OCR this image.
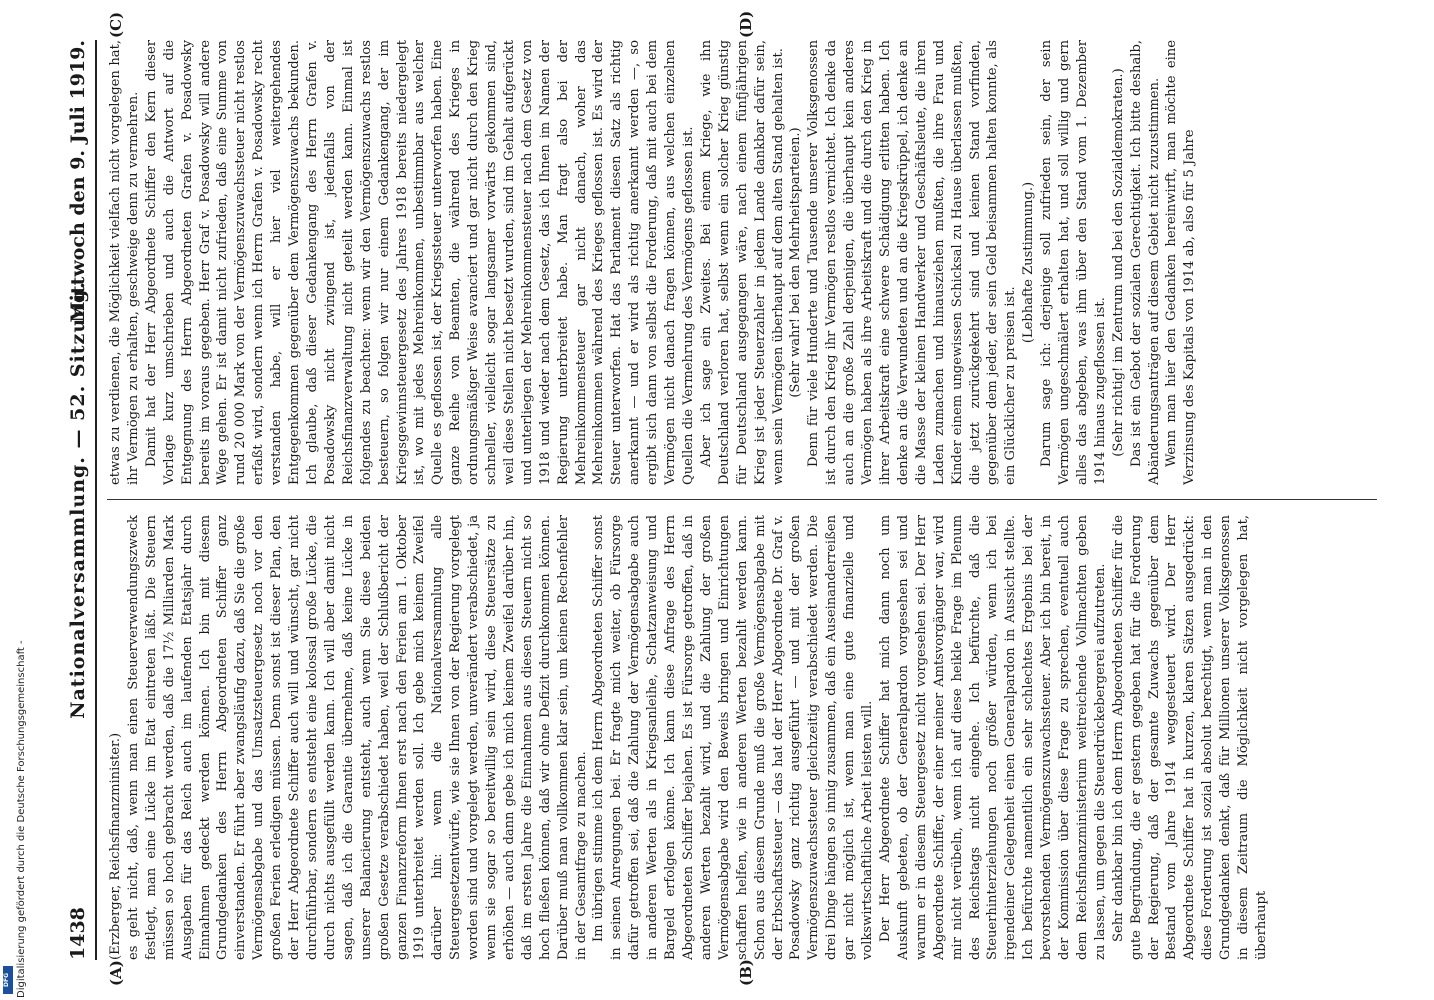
1438
Nationalversammlung. — 52. Sitzung.
Mittwoch den 9. Juli 1919.

(Erzberger, Reichsfinanzminister.) es geht nicht, daß, wenn man einen Steuerverwendungszweck festlegt, man eine Lücke im Etat eintreten läßt. Die Steuern müssen so hoch gebracht werden, daß die 17½ Milliarden Mark Ausgaben für das Reich auch im laufenden Etatsjahr durch Einnahmen gedeckt werden können. Ich bin mit diesem Grundgedanken des Herrn Abgeordneten Schiffer ganz einverstanden. Er führt aber zwangsläufig dazu, daß Sie die große Vermögensabgabe und das Umsatzsteuergesetz noch vor den großen Ferien erledigen müssen. Denn sonst ist dieser Plan, den der Herr Abgeordnete Schiffer auch will und wünscht, gar nicht durchführbar, sondern es entsteht eine kolossal große Lücke, die durch nichts ausgefüllt werden kann. Ich will aber damit nicht sagen, daß ich die Garantie übernehme, daß keine Lücke in unserer Balancierung entsteht, auch wenn Sie diese beiden großen Gesetze verabschiedet haben, weil der Schlußbericht der ganzen Finanzreform Ihnen erst nach den Ferien am 1. Oktober 1919 unterbreitet werden soll. Ich gebe mich keinem Zweifel darüber hin: wenn die Nationalversammlung alle Steuergesetzentwürfe, wie sie Ihnen von der Regierung vorgelegt worden sind und vorgelegt werden, unverändert verabschiedet, ja wenn sie sogar so bereitwillig sein wird, diese Steuersätze zu erhöhen — auch dann gebe ich mich keinem Zweifel darüber hin, daß im ersten Jahre die Einnahmen aus diesen Steuern nicht so hoch fließen können, daß wir ohne Defizit durchkommen können. Darüber muß man vollkommen klar sein, um keinen Rechenfehler in der Gesamtfrage zu machen. Im übrigen stimme ich dem Herrn Abgeordneten Schiffer sonst in seinen Anregungen bei. Er fragte mich weiter, ob Fürsorge dafür getroffen sei, daß die Zahlung der Vermögensabgabe auch in anderen Werten als in Kriegsanleihe, Schatzanweisung und Bargeld erfolgen könne. Ich kann diese Anfrage des Herrn Abgeordneten Schiffer bejahen. Es ist Fürsorge getroffen, daß in anderen Werten bezahlt wird, und die Zahlung der großen Vermögensabgabe wird den Beweis bringen und Einrichtungen schaffen helfen, wie in anderen Werten bezahlt werden kann. Schon aus diesem Grunde muß die große Vermögensabgabe mit der Erbschaftssteuer — das hat der Herr Abgeordnete Dr. Graf v. Posadowsky ganz richtig ausgeführt — und mit der großen Vermögenszuwachssteuer gleichzeitig verabschiedet werden. Die drei Dinge hängen so innig zusammen, daß ein Auseinanderreißen gar nicht möglich ist, wenn man eine gute finanzielle und volkswirtschaftliche Arbeit leisten will. Der Herr Abgeordnete Schiffer hat mich dann noch um Auskunft gebeten, ob der Generalpardon vorgesehen sei und warum er in diesem Steuergesetz nicht vorgesehen sei. Der Herr Abgeordnete Schiffer, der einer meiner Amtsvorgänger war, wird mir nicht verübeln, wenn ich auf diese heikle Frage im Plenum des Reichstags nicht eingehe. Ich befürchte, daß die Steuerhinterziehungen noch größer würden, wenn ich bei irgendeiner Gelegenheit einen Generalpardon in Aussicht stellte. Ich befürchte namentlich ein sehr schlechtes Ergebnis bei der bevorstehenden Vermögenszuwachssteuer. Aber ich bin bereit, in der Kommission über diese Frage zu sprechen, eventuell auch dem Reichsfinanzministerium weitreichende Vollmachten geben zu lassen, um gegen die Steuerdrückebergerei aufzutreten. Sehr dankbar bin ich dem Herrn Abgeordneten Schiffer für die gute Begründung, die er gestern gegeben hat für die Forderung der Regierung, daß der gesamte Zuwachs gegenüber dem Bestand vom Jahre 1914 weggesteuert wird. Der Herr Abgeordnete Schiffer hat in kurzen, klaren Sätzen ausgedrückt: diese Forderung ist sozial absolut berechtigt, wenn man in den Grundgedanken denkt, daß für Millionen unserer Volksgenossen in diesem Zeitraum die Möglichkeit nicht vorgelegen hat, überhaupt

etwas zu verdienen, die Möglichkeit vielfach nicht vorgelegen hat, ihr Vermögen zu erhalten, geschweige denn zu vermehren. Damit hat der Herr Abgeordnete Schiffer den Kern dieser Vorlage kurz umschrieben und auch die Antwort auf die Entgegnung des Herrn Abgeordneten Grafen v. Posadowsky bereits im voraus gegeben. Herr Graf v. Posadowsky will andere Wege gehen. Er ist damit nicht zufrieden, daß eine Summe von rund 20 000 Mark von der Vermögenszuwachssteuer nicht restlos erfaßt wird, sondern wenn ich Herrn Grafen v. Posadowsky recht verstanden habe, will er hier viel weitergehendes Entgegenkommen gegenüber dem Vermögenszuwachs bekunden. Ich glaube, daß dieser Gedankengang des Herrn Grafen v. Posadowsky nicht zwingend ist, jedenfalls von der Reichsfinanzverwaltung nicht geteilt werden kann. Einmal ist folgendes zu beachten: wenn wir den Vermögenszuwachs restlos besteuern, so folgen wir nur einem Gedankengang, der im Kriegsgewinnsteuergesetz des Jahres 1918 bereits niedergelegt ist, wo mit jedes Mehreinkommen, unbestimmbar aus welcher Quelle es geflossen ist, der Kriegssteuer unterworfen haben. Eine ganze Reihe von Beamten, die während des Krieges in ordnungsmäßiger Weise avanciert und gar nicht durch den Krieg schneller, vielleicht sogar langsamer vorwärts gekommen sind, weil diese Stellen nicht besetzt wurden, sind im Gehalt aufgerückt und unterliegen der Mehreinkommensteuer nach dem Gesetz von 1918 und wieder nach dem Gesetz, das ich Ihnen im Namen der Regierung unterbreitet habe. Man fragt also bei der Mehreinkommensteuer gar nicht danach, woher das Mehreinkommen während des Krieges geflossen ist. Es wird der Steuer unterworfen. Hat das Parlament diesen Satz als richtig anerkannt — und er wird als richtig anerkannt werden —, so ergibt sich dann von selbst die Forderung, daß mit auch bei dem Vermögen nicht danach fragen können, aus welchen einzelnen Quellen die Vermehrung des Vermögens geflossen ist. Aber ich sage ein Zweites. Bei einem Kriege, wie ihn Deutschland verloren hat, selbst wenn ein solcher Krieg günstig für Deutschland ausgegangen wäre, nach einem fünfjährigen Krieg ist jeder Steuerzahler in jedem Lande dankbar dafür sein, wenn sein Vermögen überhaupt auf dem alten Stand gehalten ist. (Sehr wahr! bei den Mehrheitsparteien.) Denn für viele Hunderte und Tausende unserer Volksgenossen ist durch den Krieg ihr Vermögen restlos vernichtet. Ich denke da auch an die große Zahl derjenigen, die überhaupt kein anderes Vermögen haben als ihre Arbeitskraft und die durch den Krieg in ihrer Arbeitskraft eine schwere Schädigung erlitten haben. Ich denke an die Verwundeten und an die Kriegskrüppel, ich denke an die Masse der kleinen Handwerker und Geschäftsleute, die ihren Laden zumachen und hinausziehen mußten, die ihre Frau und Kinder einem ungewissen Schicksal zu Hause überlassen mußten, die jetzt zurückgekehrt sind und keinen Stand vorfinden, gegenüber dem jeder, der sein Geld beisammen halten konnte, als ein Glücklicher zu preisen ist.

(Lebhafte Zustimmung.) Darum sage ich: derjenige soll zufrieden sein, der sein Vermögen ungeschmälert erhalten hat, und soll willig und gern alles das abgeben, was ihm über den Stand vom 1. Dezember 1914 hinaus zugeflossen ist. (Sehr richtig! im Zentrum und bei den Sozialdemokraten.) Das ist ein Gebot der sozialen Gerechtigkeit. Ich bitte deshalb, Abänderungsanträgen auf diesem Gebiet nicht zuzustimmen. Wenn man hier den Gedanken hereinwirft, man möchte eine Verzinsung des Kapitals von 1914 ab, also für 5 Jahre

(A)	(B)
(C)	(D)
Digitalisierung gefördert durch die Deutsche Forschungsgemeinschaft -
DFG
